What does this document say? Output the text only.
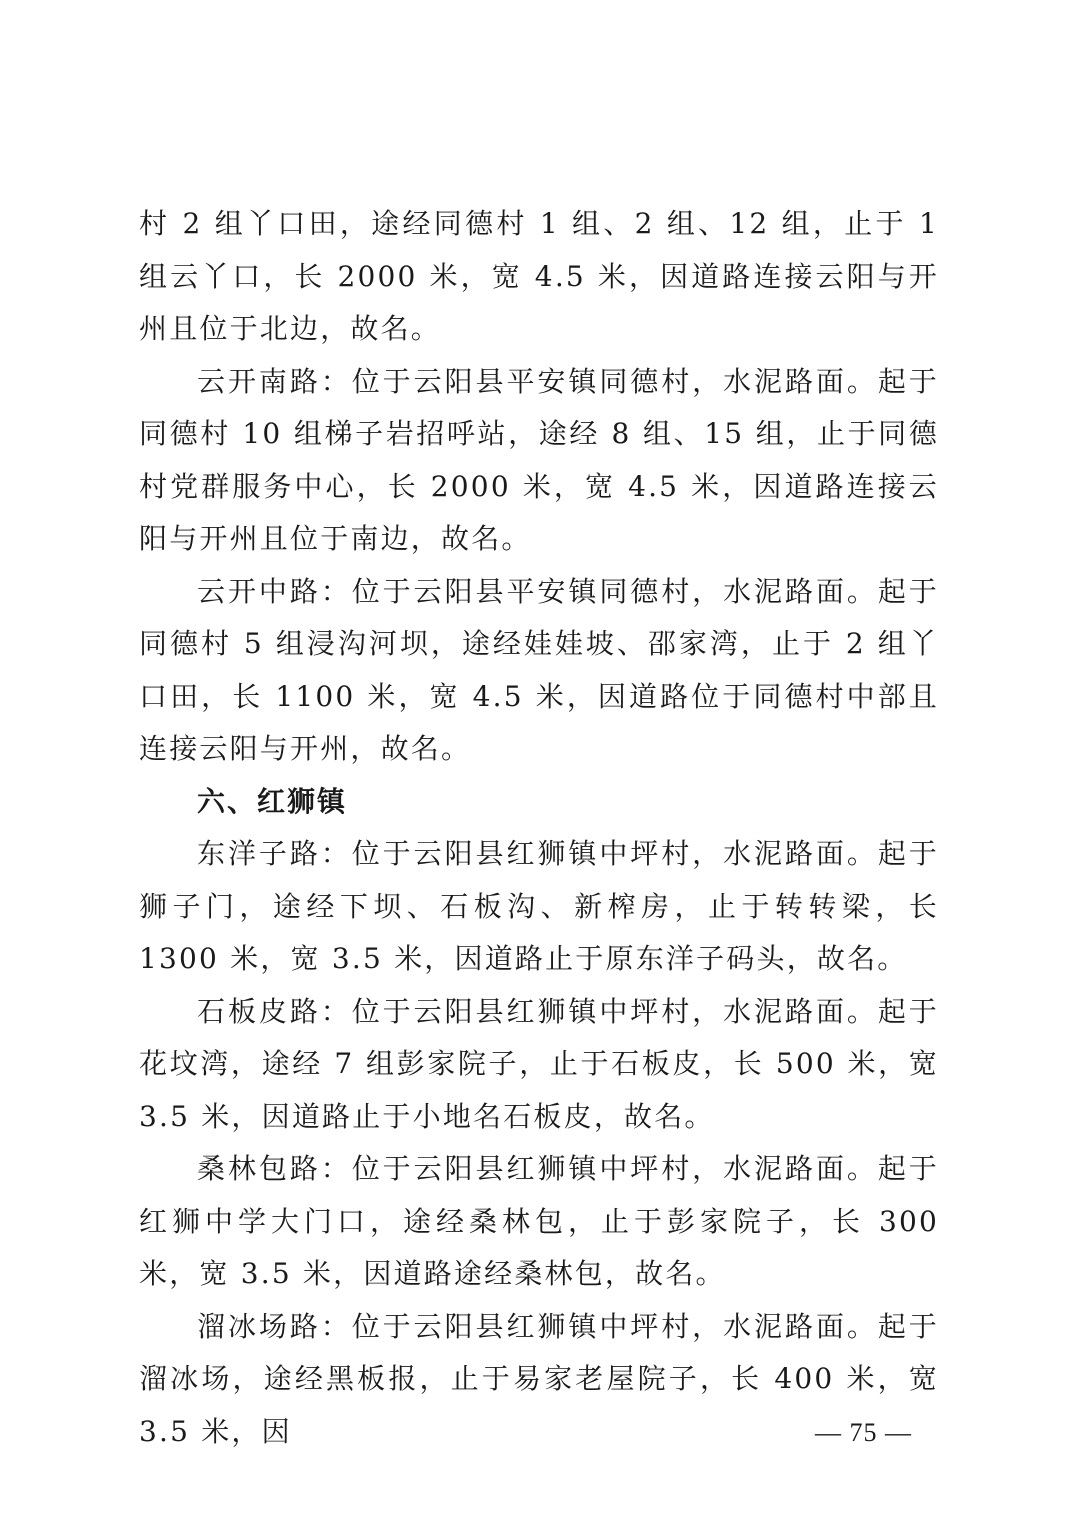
村 2 组丫口田，途经同德村 1 组、2 组、12 组，止于 1 组云丫口，长 2000 米，宽 4.5 米，因道路连接云阳与开州且位于北边，故名。

云开南路：位于云阳县平安镇同德村，水泥路面。起于同德村 10 组梯子岩招呼站，途经 8 组、15 组，止于同德村党群服务中心，长 2000 米，宽 4.5 米，因道路连接云阳与开州且位于南边，故名。

云开中路：位于云阳县平安镇同德村，水泥路面。起于同德村 5 组浸沟河坝，途经娃娃坡、邵家湾，止于 2 组丫口田，长 1100 米，宽 4.5 米，因道路位于同德村中部且连接云阳与开州，故名。

六、红狮镇

东洋子路：位于云阳县红狮镇中坪村，水泥路面。起于狮子门，途经下坝、石板沟、新榨房，止于转转梁，长 1300 米，宽 3.5 米，因道路止于原东洋子码头，故名。

石板皮路：位于云阳县红狮镇中坪村，水泥路面。起于花坟湾，途经 7 组彭家院子，止于石板皮，长 500 米，宽 3.5 米，因道路止于小地名石板皮，故名。

桑林包路：位于云阳县红狮镇中坪村，水泥路面。起于红狮中学大门口，途经桑林包，止于彭家院子，长 300 米，宽 3.5 米，因道路途经桑林包，故名。

溜冰场路：位于云阳县红狮镇中坪村，水泥路面。起于溜冰场，途经黑板报，止于易家老屋院子，长 400 米，宽 3.5 米，因	— 75 —
